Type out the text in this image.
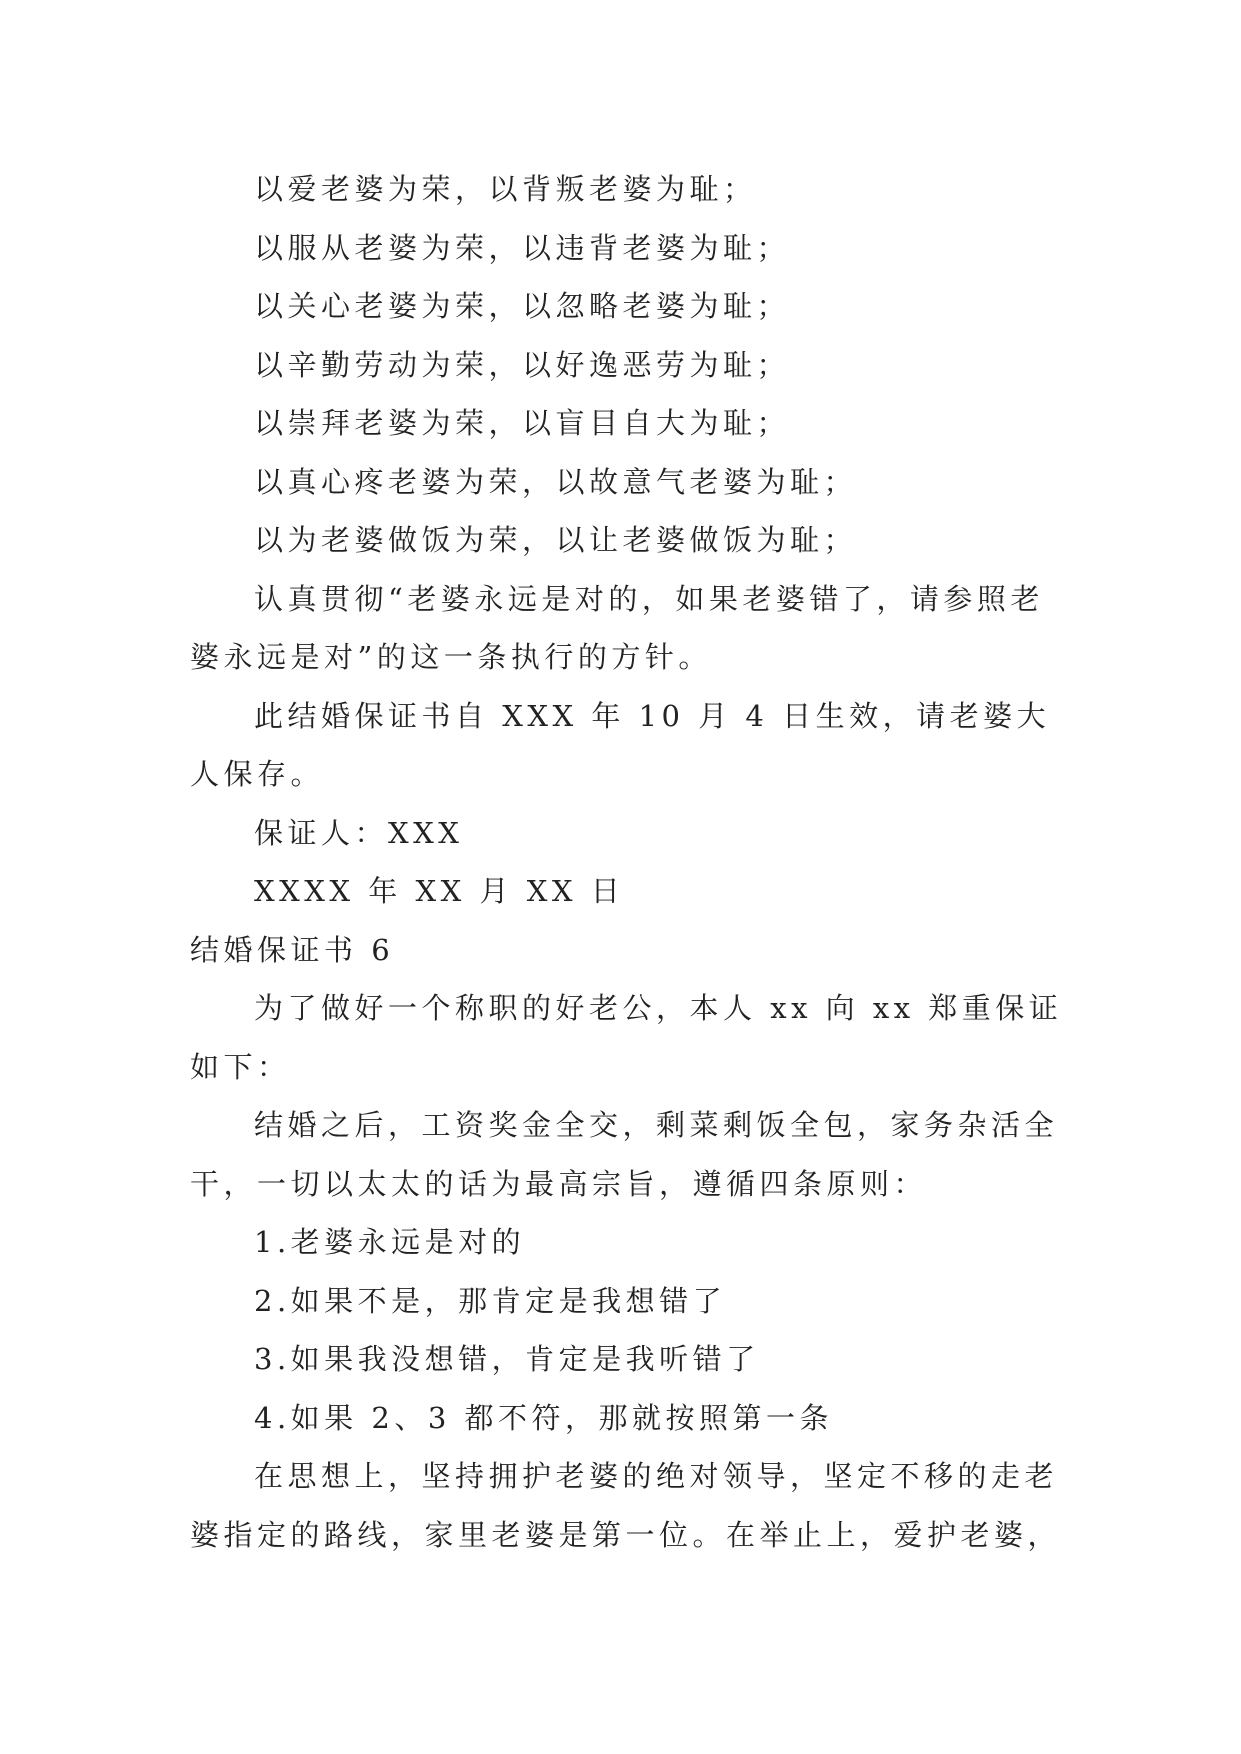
以爱老婆为荣，以背叛老婆为耻；

以服从老婆为荣，以违背老婆为耻；

以关心老婆为荣，以忽略老婆为耻；

以辛勤劳动为荣，以好逸恶劳为耻；

以崇拜老婆为荣，以盲目自大为耻；

以真心疼老婆为荣，以故意气老婆为耻；

以为老婆做饭为荣，以让老婆做饭为耻；

认真贯彻“老婆永远是对的，如果老婆错了，请参照老婆永远是对”的这一条执行的方针。

此结婚保证书自 XXX 年 10 月 4 日生效，请老婆大人保存。

保证人：XXX

XXXX 年 XX 月 XX 日

结婚保证书 6

为了做好一个称职的好老公，本人 xx 向 xx 郑重保证如下：

结婚之后，工资奖金全交，剩菜剩饭全包，家务杂活全干，一切以太太的话为最高宗旨，遵循四条原则：

1.老婆永远是对的

2.如果不是，那肯定是我想错了

3.如果我没想错，肯定是我听错了

4.如果 2、3 都不符，那就按照第一条

在思想上，坚持拥护老婆的绝对领导，坚定不移的走老婆指定的路线，家里老婆是第一位。在举止上，爱护老婆，
